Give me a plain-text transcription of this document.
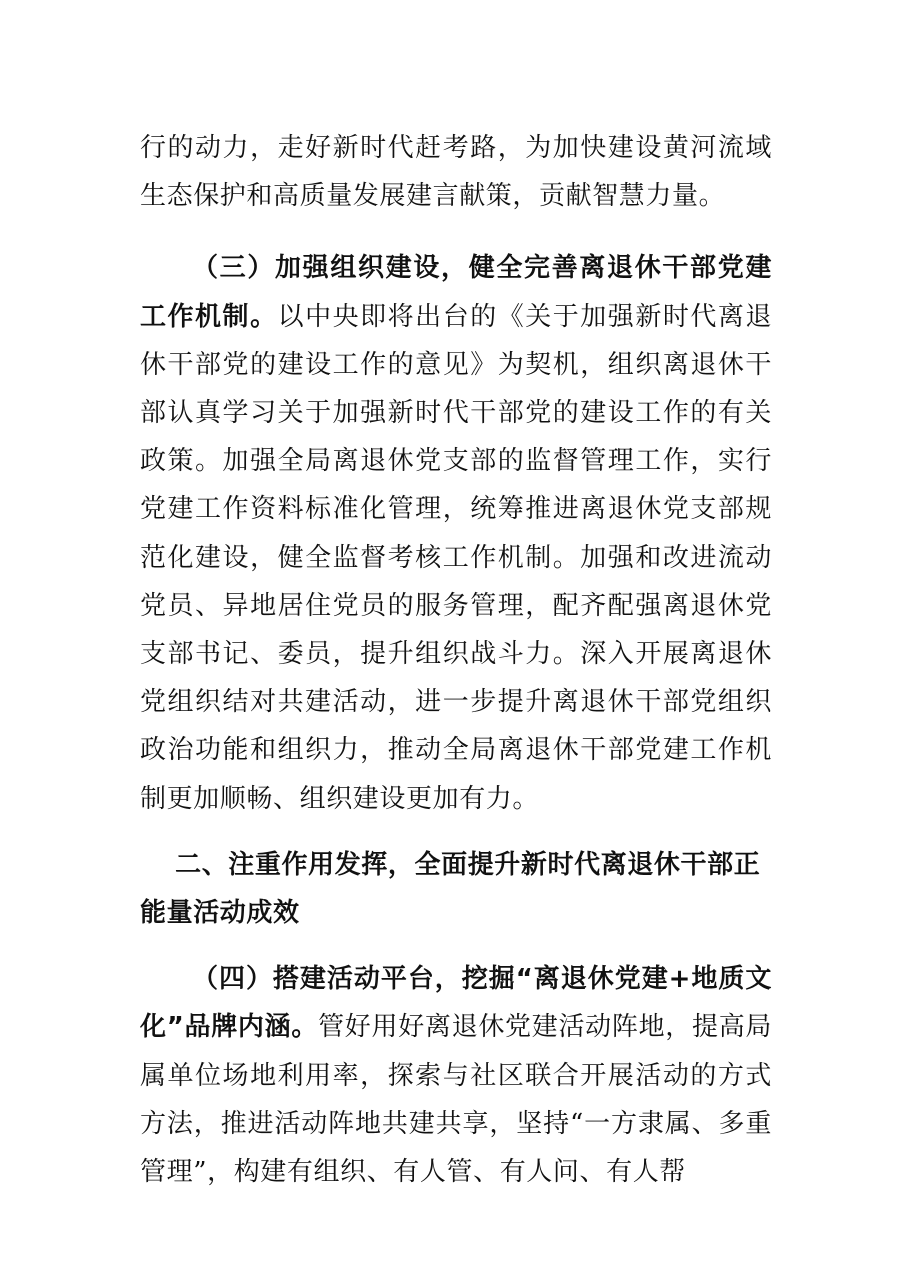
行的动力，走好新时代赶考路，为加快建设黄河流域生态保护和高质量发展建言献策，贡献智慧力量。

（三）加强组织建设，健全完善离退休干部党建工作机制。以中央即将出台的《关于加强新时代离退休干部党的建设工作的意见》为契机，组织离退休干部认真学习关于加强新时代干部党的建设工作的有关政策。加强全局离退休党支部的监督管理工作，实行党建工作资料标准化管理，统筹推进离退休党支部规范化建设，健全监督考核工作机制。加强和改进流动党员、异地居住党员的服务管理，配齐配强离退休党支部书记、委员，提升组织战斗力。深入开展离退休党组织结对共建活动，进一步提升离退休干部党组织政治功能和组织力，推动全局离退休干部党建工作机制更加顺畅、组织建设更加有力。

二、注重作用发挥，全面提升新时代离退休干部正能量活动成效

（四）搭建活动平台，挖掘“离退休党建+地质文化”品牌内涵。管好用好离退休党建活动阵地，提高局属单位场地利用率，探索与社区联合开展活动的方式方法，推进活动阵地共建共享，坚持“一方隶属、多重管理”，构建有组织、有人管、有人问、有人帮
